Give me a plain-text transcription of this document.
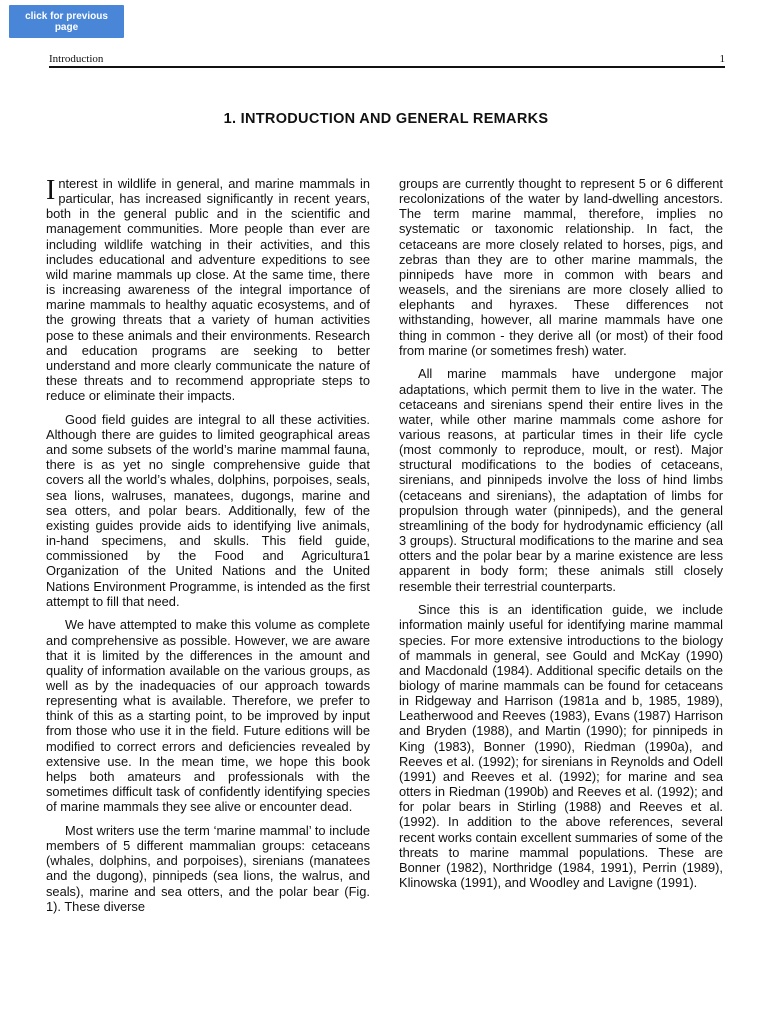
click for previous page
Introduction	1
1. INTRODUCTION AND GENERAL REMARKS

Interest in wildlife in general, and marine mammals in particular, has increased significantly in recent years, both in the general public and in the scientific and management communities. More people than ever are including wildlife watching in their activities, and this includes educational and adventure expeditions to see wild marine mammals up close. At the same time, there is increasing awareness of the integral importance of marine mammals to healthy aquatic ecosystems, and of the growing threats that a variety of human activities pose to these animals and their environments. Research and education programs are seeking to better understand and more clearly communicate the nature of these threats and to recommend appropriate steps to reduce or eliminate their impacts.

Good field guides are integral to all these activities. Although there are guides to limited geographical areas and some subsets of the world’s marine mammal fauna, there is as yet no single comprehensive guide that covers all the world’s whales, dolphins, porpoises, seals, sea lions, walruses, manatees, dugongs, marine and sea otters, and polar bears. Additionally, few of the existing guides provide aids to identifying live animals, in-hand specimens, and skulls. This field guide, commissioned by the Food and Agricultura1 Organization of the United Nations and the United Nations Environment Programme, is intended as the first attempt to fill that need.

We have attempted to make this volume as complete and comprehensive as possible. However, we are aware that it is limited by the differences in the amount and quality of information available on the various groups, as well as by the inadequacies of our approach towards representing what is available. Therefore, we prefer to think of this as a starting point, to be improved by input from those who use it in the field. Future editions will be modified to correct errors and deficiencies revealed by extensive use. In the mean time, we hope this book helps both amateurs and professionals with the sometimes difficult task of confidently identifying species of marine mammals they see alive or encounter dead.

Most writers use the term ‘marine mammal’ to include members of 5 different mammalian groups: cetaceans (whales, dolphins, and porpoises), sirenians (manatees and the dugong), pinnipeds (sea lions, the walrus, and seals), marine and sea otters, and the polar bear (Fig. 1). These diverse

groups are currently thought to represent 5 or 6 different recolonizations of the water by land-dwelling ancestors. The term marine mammal, therefore, implies no systematic or taxonomic relationship. In fact, the cetaceans are more closely related to horses, pigs, and zebras than they are to other marine mammals, the pinnipeds have more in common with bears and weasels, and the sirenians are more closely allied to elephants and hyraxes. These differences not withstanding, however, all marine mammals have one thing in common - they derive all (or most) of their food from marine (or sometimes fresh) water.

All marine mammals have undergone major adaptations, which permit them to live in the water. The cetaceans and sirenians spend their entire lives in the water, while other marine mammals come ashore for various reasons, at particular times in their life cycle (most commonly to reproduce, moult, or rest). Major structural modifications to the bodies of cetaceans, sirenians, and pinnipeds involve the loss of hind limbs (cetaceans and sirenians), the adaptation of limbs for propulsion through water (pinnipeds), and the general streamlining of the body for hydrodynamic efficiency (all 3 groups). Structural modifications to the marine and sea otters and the polar bear by a marine existence are less apparent in body form; these animals still closely resemble their terrestrial counterparts.

Since this is an identification guide, we include information mainly useful for identifying marine mammal species. For more extensive introductions to the biology of mammals in general, see Gould and McKay (1990) and Macdonald (1984). Additional specific details on the biology of marine mammals can be found for cetaceans in Ridgeway and Harrison (1981a and b, 1985, 1989), Leatherwood and Reeves (1983), Evans (1987) Harrison and Bryden (1988), and Martin (1990); for pinnipeds in King (1983), Bonner (1990), Riedman (1990a), and Reeves et al. (1992); for sirenians in Reynolds and Odell (1991) and Reeves et al. (1992); for marine and sea otters in Riedman (1990b) and Reeves et al. (1992); and for polar bears in Stirling (1988) and Reeves et al. (1992). In addition to the above references, several recent works contain excellent summaries of some of the threats to marine mammal populations. These are Bonner (1982), Northridge (1984, 1991), Perrin (1989), Klinowska (1991), and Woodley and Lavigne (1991).
